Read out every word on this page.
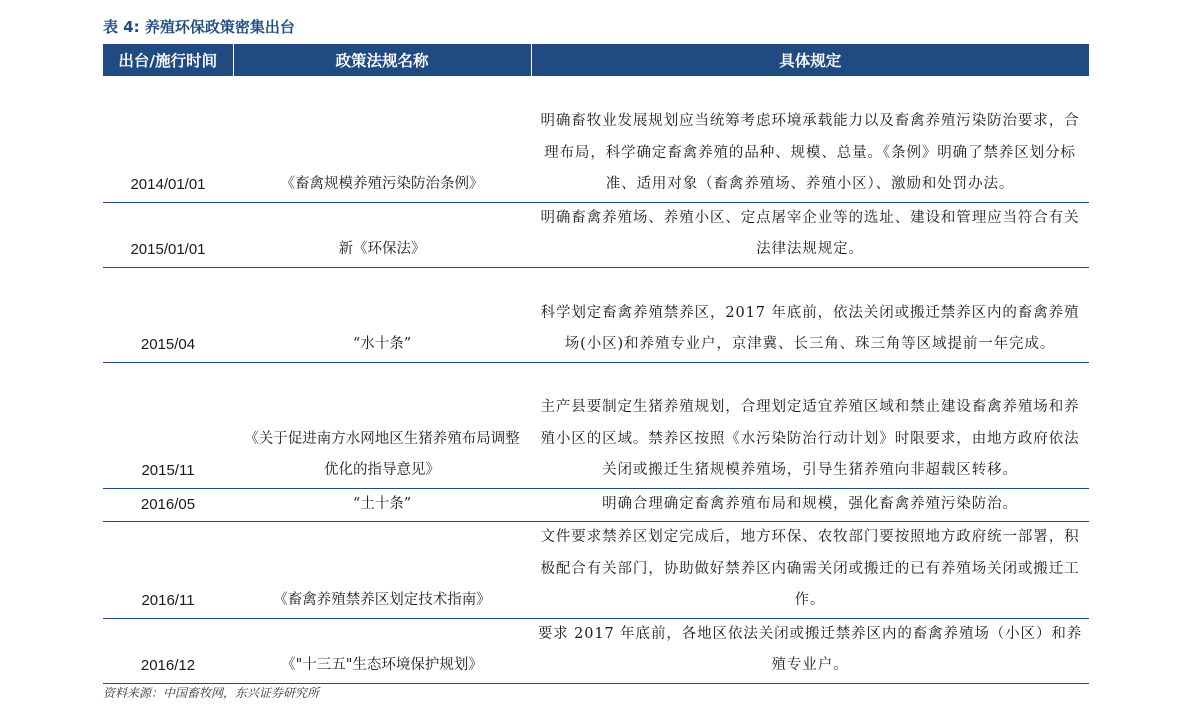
表 4: 养殖环保政策密集出台
出台/施行时间	政策法规名称	具体规定
2014/01/01	《畜禽规模养殖污染防治条例》	明确畜牧业发展规划应当统筹考虑环境承载能力以及畜禽养殖污染防治要求，合理布局，科学确定畜禽养殖的品种、规模、总量。《条例》明确了禁养区划分标准、适用对象（畜禽养殖场、养殖小区）、激励和处罚办法。
2015/01/01	新《环保法》	明确畜禽养殖场、养殖小区、定点屠宰企业等的选址、建设和管理应当符合有关法律法规规定。
2015/04	“水十条”	科学划定畜禽养殖禁养区，2017 年底前，依法关闭或搬迁禁养区内的畜禽养殖场(小区)和养殖专业户，京津冀、长三角、珠三角等区域提前一年完成。
2015/11	《关于促进南方水网地区生猪养殖布局调整优化的指导意见》	主产县要制定生猪养殖规划，合理划定适宜养殖区域和禁止建设畜禽养殖场和养殖小区的区域。禁养区按照《水污染防治行动计划》时限要求，由地方政府依法关闭或搬迁生猪规模养殖场，引导生猪养殖向非超载区转移。
2016/05	“土十条”	明确合理确定畜禽养殖布局和规模，强化畜禽养殖污染防治。
2016/11	《畜禽养殖禁养区划定技术指南》	文件要求禁养区划定完成后，地方环保、农牧部门要按照地方政府统一部署，积极配合有关部门，协助做好禁养区内确需关闭或搬迁的已有养殖场关闭或搬迁工作。
2016/12	《"十三五"生态环境保护规划》	要求 2017 年底前，各地区依法关闭或搬迁禁养区内的畜禽养殖场（小区）和养殖专业户。
资料来源：中国畜牧网，东兴证券研究所
